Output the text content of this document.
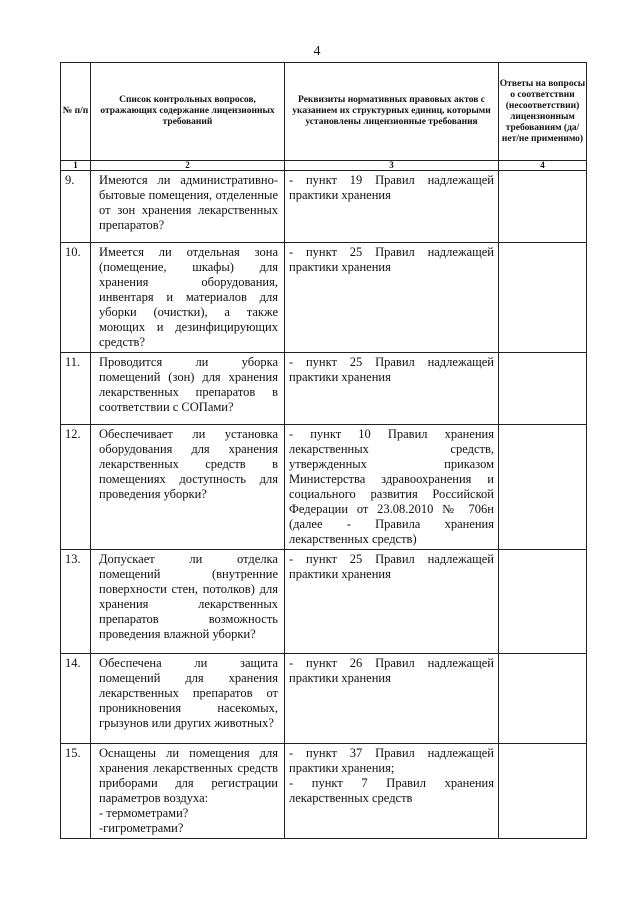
4
№ п/п	Список контрольных вопросов, отражающих содержание лицензионных требований	Реквизиты нормативных правовых актов с указанием их структурных единиц, которыми установлены лицензионные требования	Ответы на вопросы о соответствии (несоответствии) лицензионным требованиям (да/нет/не применимо)
1	2	3	4
9.	Имеются ли административно-бытовые помещения, отделенные от зон хранения лекарственных препаратов?	- пункт 19 Правил надлежащей практики хранения	

10.	Имеется ли отдельная зона (помещение, шкафы) для хранения оборудования, инвентаря и материалов для уборки (очистки), а также моющих и дезинфицирующих средств?	- пункт 25 Правил надлежащей практики хранения	

11.	Проводится ли уборка помещений (зон) для хранения лекарственных препаратов в соответствии с СОПами?	- пункт 25 Правил надлежащей практики хранения	

12.	Обеспечивает ли установка оборудования для хранения лекарственных средств в помещениях доступность для проведения уборки?	- пункт 10 Правил хранения лекарственных средств, утвержденных приказом Министерства здравоохранения и социального развития Российской Федерации от 23.08.2010 № 706н (далее - Правила хранения лекарственных средств)	

13.	Допускает ли отделка помещений (внутренние поверхности стен, потолков) для хранения лекарственных препаратов возможность проведения влажной уборки?	- пункт 25 Правил надлежащей практики хранения	

14.	Обеспечена ли защита помещений для хранения лекарственных препаратов от проникновения насекомых, грызунов или других животных?	- пункт 26 Правил надлежащей практики хранения	

15.	Оснащены ли помещения для хранения лекарственных средств приборами для регистрации параметров воздуха:
- термометрами?
-гигрометрами?	- пункт 37 Правил надлежащей практики хранения;
- пункт 7 Правил хранения лекарственных средств	
